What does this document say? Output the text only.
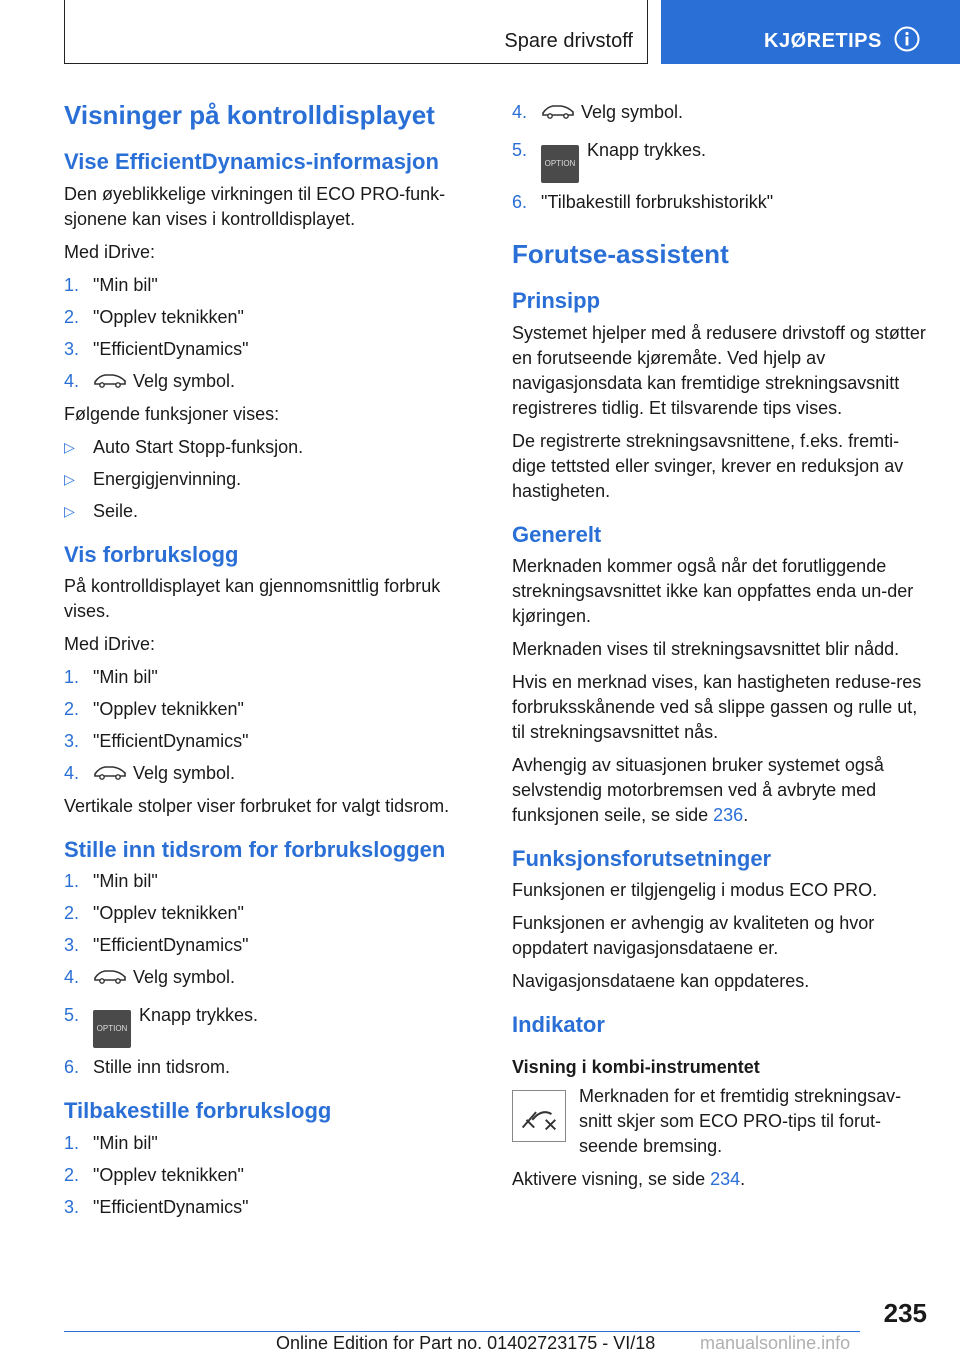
Spare drivstoff	KJØRETIPS
Visninger på kontrolldisplayet
Vise EfficientDynamics-informasjon

Den øyeblikkelige virkningen til ECO PRO-funk-sjonene kan vises i kontrolldisplayet.

Med iDrive:

1. "Min bil"
2. "Opplev teknikken"
3. "EfficientDynamics"
4.	Velg symbol.

Følgende funksjoner vises:

▷ Auto Start Stopp-funksjon.
▷ Energigjenvinning.
▷ Seile.
Vis forbrukslogg

På kontrolldisplayet kan gjennomsnittlig forbruk vises.

Med iDrive:

1. "Min bil"
2. "Opplev teknikken"
3. "EfficientDynamics"
4.	Velg symbol.

Vertikale stolper viser forbruket for valgt tidsrom.

Stille inn tidsrom for forbruksloggen
1. "Min bil"
2. "Opplev teknikken"
3. "EfficientDynamics"
4.	Velg symbol.
5.
OPTIONKnapp trykkes.
6. Stille inn tidsrom.
Tilbakestille forbrukslogg
1. "Min bil"
2. "Opplev teknikken"
3. "EfficientDynamics"
4.	Velg symbol.
5.
OPTIONKnapp trykkes.
6. "Tilbakestill forbrukshistorikk"
Forutse-assistent
Prinsipp

Systemet hjelper med å redusere drivstoff og støtter en forutseende kjøremåte. Ved hjelp av navigasjonsdata kan fremtidige strekningsavsnitt registreres tidlig. Et tilsvarende tips vises.

De registrerte strekningsavsnittene, f.eks. fremti-dige tettsted eller svinger, krever en reduksjon av hastigheten.

Generelt

Merknaden kommer også når det forutliggende strekningsavsnittet ikke kan oppfattes enda un-der kjøringen.

Merknaden vises til strekningsavsnittet blir nådd.

Hvis en merknad vises, kan hastigheten reduse-res forbruksskånende ved så slippe gassen og rulle ut, til strekningsavsnittet nås.

Avhengig av situasjonen bruker systemet også selvstendig motorbremsen ved å avbryte med funksjonen seile, se side 236.

Funksjonsforutsetninger

Funksjonen er tilgjengelig i modus ECO PRO.

Funksjonen er avhengig av kvaliteten og hvor oppdatert navigasjonsdataene er.

Navigasjonsdataene kan oppdateres.

Indikator
Visning i kombi-instrumentet

Merknaden for et fremtidig strekningsav-snitt skjer som ECO PRO-tips til forut-seende bremsing.

Aktivere visning, se side 234.

235
Online Edition for Part no. 01402723175 - VI/18 manualsonline.info
